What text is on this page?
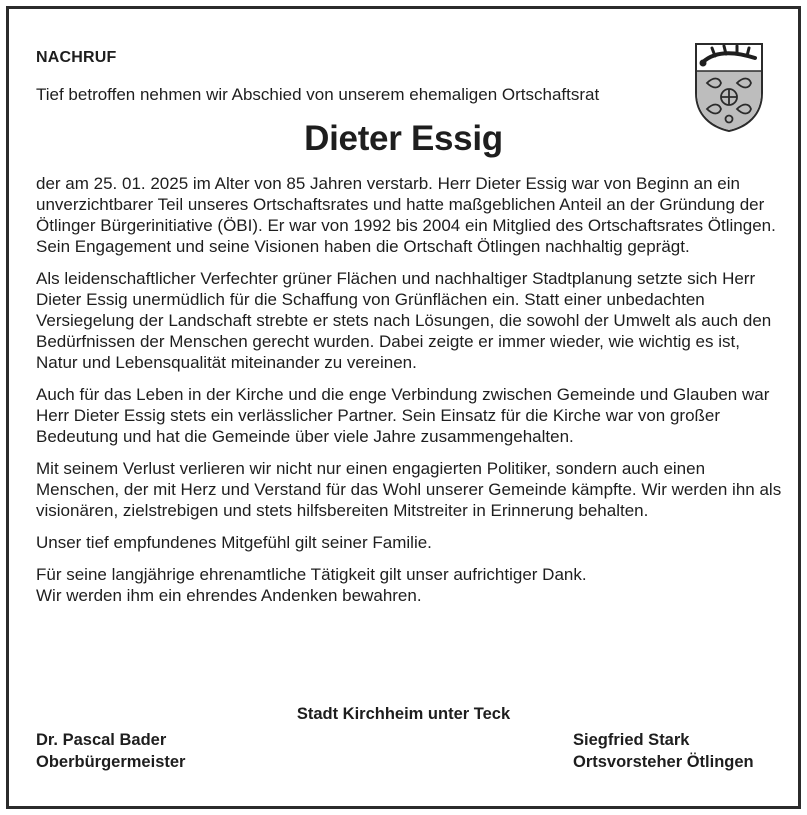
NACHRUF
Tief betroffen nehmen wir Abschied von unserem ehemaligen Ortschaftsrat
Dieter Essig

der am 25. 01. 2025 im Alter von 85 Jahren verstarb. Herr Dieter Essig war von Beginn an ein unverzichtbarer Teil unseres Ortschaftsrates und hatte maßgeblichen Anteil an der Gründung der Ötlinger Bürgerinitiative (ÖBI). Er war von 1992 bis 2004 ein Mitglied des Ortschaftsrates Ötlingen. Sein Engagement und seine Visionen haben die Ortschaft Ötlingen nachhaltig geprägt.

Als leidenschaftlicher Verfechter grüner Flächen und nachhaltiger Stadtplanung setzte sich Herr Dieter Essig unermüdlich für die Schaffung von Grünflächen ein. Statt einer unbedachten Versiegelung der Landschaft strebte er stets nach Lösungen, die sowohl der Umwelt als auch den Bedürfnissen der Menschen gerecht wurden. Dabei zeigte er immer wieder, wie wichtig es ist, Natur und Lebensqualität miteinander zu vereinen.

Auch für das Leben in der Kirche und die enge Verbindung zwischen Gemeinde und Glauben war Herr Dieter Essig stets ein verlässlicher Partner. Sein Einsatz für die Kirche war von großer Bedeutung und hat die Gemeinde über viele Jahre zusammengehalten.

Mit seinem Verlust verlieren wir nicht nur einen engagierten Politiker, sondern auch einen Menschen, der mit Herz und Verstand für das Wohl unserer Gemeinde kämpfte. Wir werden ihn als visionären, zielstrebigen und stets hilfsbereiten Mitstreiter in Erinnerung behalten.

Unser tief empfundenes Mitgefühl gilt seiner Familie.

Für seine langjährige ehrenamtliche Tätigkeit gilt unser aufrichtiger Dank.
Wir werden ihm ein ehrendes Andenken bewahren.

Stadt Kirchheim unter Teck
Dr. Pascal Bader
Oberbürgermeister
Siegfried Stark
Ortsvorsteher Ötlingen
